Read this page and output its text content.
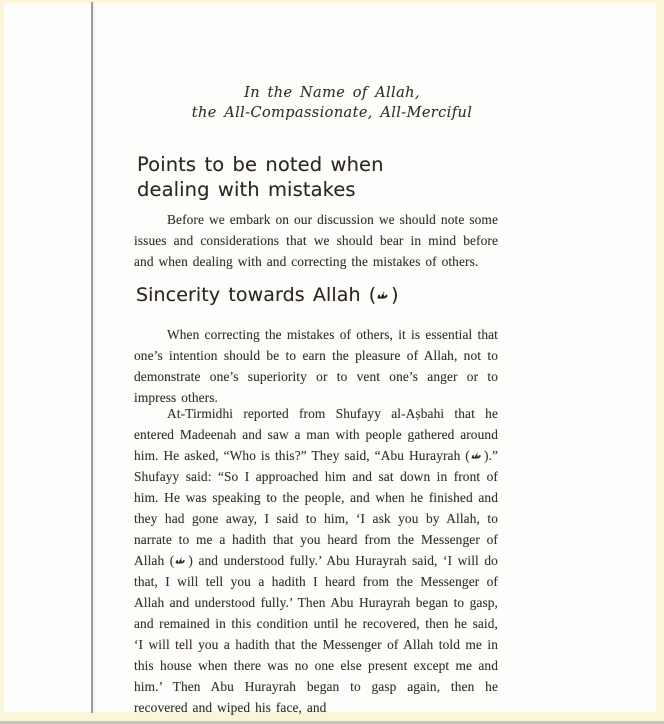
In the Name of Allah,
the All-Compassionate, All-Merciful
Points to be noted when
dealing with mistakes
Before we embark on our discussion we should note some issues and considerations that we should bear in mind before and when dealing with and correcting the mistakes of others.
Sincerity towards Allah ( )
When correcting the mistakes of others, it is essential that one’s intention should be to earn the pleasure of Allah, not to demonstrate one’s superiority or to vent one’s anger or to impress others.
At-Tirmidhi reported from Shufayy al-Aṣbahi that he entered Madeenah and saw a man with people gathered around him. He asked, “Who is this?” They said, “Abu Hurayrah ( ).” Shufayy said: “So I approached him and sat down in front of him. He was speaking to the people, and when he finished and they had gone away, I said to him, ‘I ask you by Allah, to narrate to me a hadith that you heard from the Messenger of Allah ( ) and understood fully.’ Abu Hurayrah said, ‘I will do that, I will tell you a hadith I heard from the Messenger of Allah and understood fully.’ Then Abu Hurayrah began to gasp, and remained in this condition until he recovered, then he said, ‘I will tell you a hadith that the Messenger of Allah told me in this house when there was no one else present except me and him.’ Then Abu Hurayrah began to gasp again, then he recovered and wiped his face, and
